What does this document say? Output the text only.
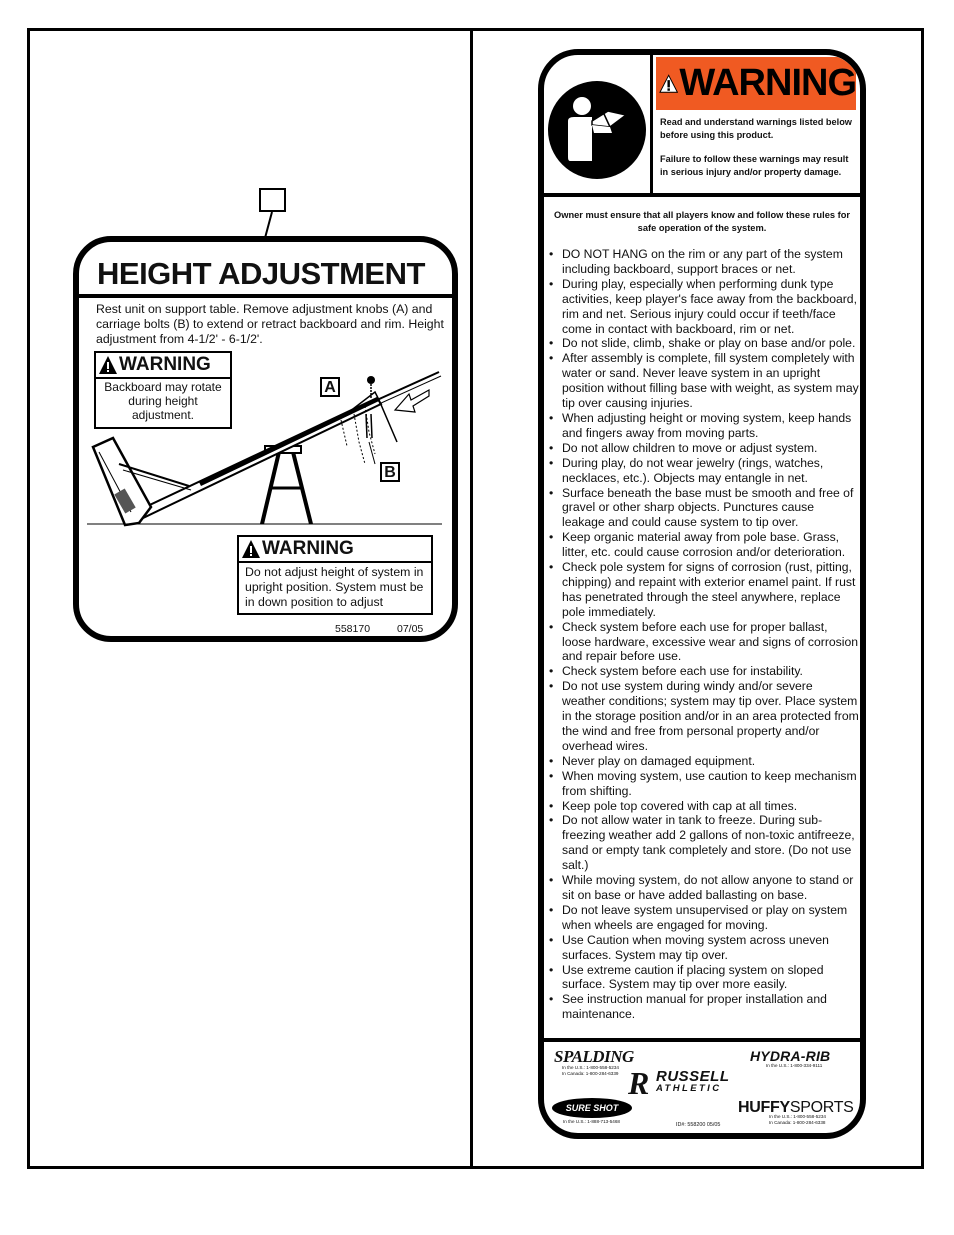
HEIGHT ADJUSTMENT
Rest unit on support table. Remove adjustment knobs (A) and carriage bolts (B) to extend or retract backboard and rim. Height adjustment from 4-1/2' - 6-1/2'.
A
B
WARNING
Backboard may rotate during height adjustment.
WARNING
Do not adjust height of system in upright position. System must be in down position to adjust
558170	07/05
WARNING
Read and understand warnings listed below before using this product.
Failure to follow these warnings may result in serious injury and/or property damage.
Owner must ensure that all players know and follow these rules for safe operation of the system.
• DO NOT HANG on the rim or any part of the system including backboard, support braces or net.
• During play, especially when performing dunk type activities, keep player's face away from the backboard, rim and net. Serious injury could occur if teeth/face come in contact with backboard, rim or net.
• Do not slide, climb, shake or play on base and/or pole.
• After assembly is complete, fill system completely with water or sand. Never leave system in an upright position without filling base with weight, as system may tip over causing injuries.
• When adjusting height or moving system, keep hands and fingers away from moving parts.
• Do not allow children to move or adjust system.
• During play, do not wear jewelry (rings, watches, necklaces, etc.). Objects may entangle in net.
• Surface beneath the base must be smooth and free of gravel or other sharp objects. Punctures cause leakage and could cause system to tip over.
• Keep organic material away from pole base. Grass, litter, etc. could cause corrosion and/or deterioration.
• Check pole system for signs of corrosion (rust, pitting, chipping) and repaint with exterior enamel paint. If rust has penetrated through the steel anywhere, replace pole immediately.
• Check system before each use for proper ballast, loose hardware, excessive wear and signs of corrosion and repair before use.
• Check system before each use for instability.
• Do not use system during windy and/or severe weather conditions; system may tip over. Place system in the storage position and/or in an area protected from the wind and free from personal property and/or overhead wires.
• Never play on damaged equipment.
• When moving system, use caution to keep mechanism from shifting.
• Keep pole top covered with cap at all times.
• Do not allow water in tank to freeze. During sub-freezing weather add 2 gallons of non-toxic antifreeze, sand or empty tank completely and store. (Do not use salt.)
• While moving system, do not allow anyone to stand or sit on base or have added ballasting on base.
• Do not leave system unsupervised or play on system when wheels are engaged for moving.
• Use Caution when moving system across uneven surfaces. System may tip over.
• Use extreme caution if placing system on sloped surface. System may tip over more easily.
• See instruction manual for proper installation and maintenance.
SPALDING	HYDRA-RIB
R RUSSELL
ATHLETIC
SURE SHOT	HUFFYSPORTS
In the U.S.: 1-800-558-5234
In Canada: 1-800-284-6339
In the U.S.: 1-800-334-9111
In the U.S.: 1-888-713-5468
In the U.S.: 1-800-558-5234
In Canada: 1-800-284-6338
ID#: 558200 05/05
